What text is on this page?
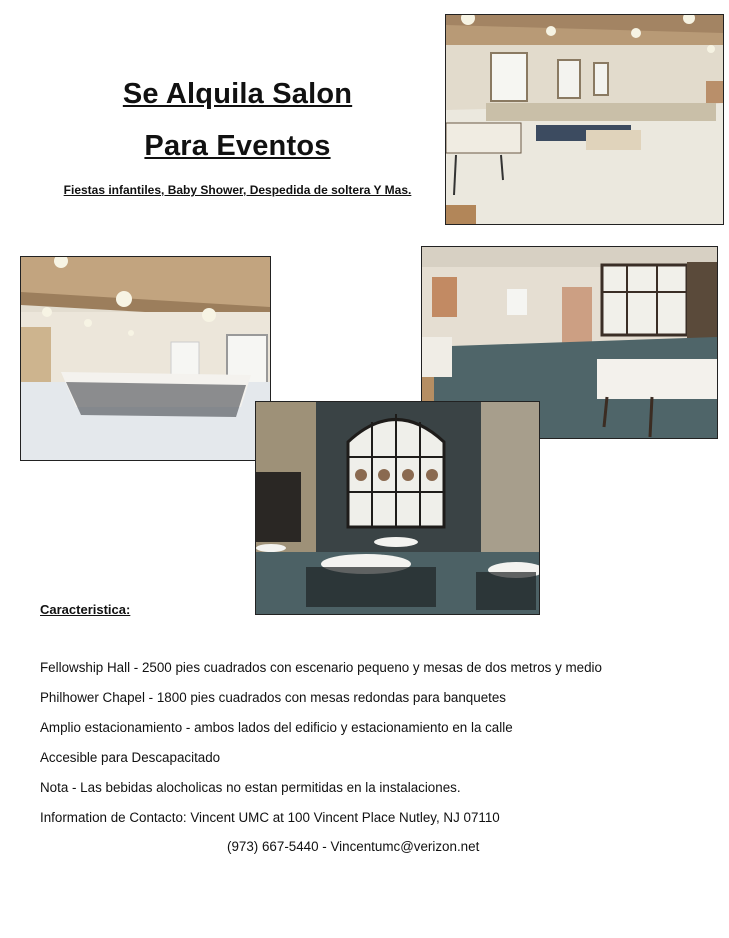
Se Alquila Salon
Para Eventos
Fiestas infantiles, Baby Shower, Despedida de soltera Y Mas.
Caracteristica:
Fellowship Hall - 2500 pies cuadrados con escenario pequeno y mesas de dos metros y medio
Philhower Chapel - 1800 pies cuadrados con mesas redondas para banquetes
Amplio estacionamiento - ambos lados del edificio y estacionamiento en la calle
Accesible para Descapacitado
Nota - Las bebidas alocholicas no estan permitidas en la instalaciones.
Information de Contacto: Vincent UMC at 100 Vincent Place Nutley, NJ 07110
(973) 667-5440 - Vincentumc@verizon.net
